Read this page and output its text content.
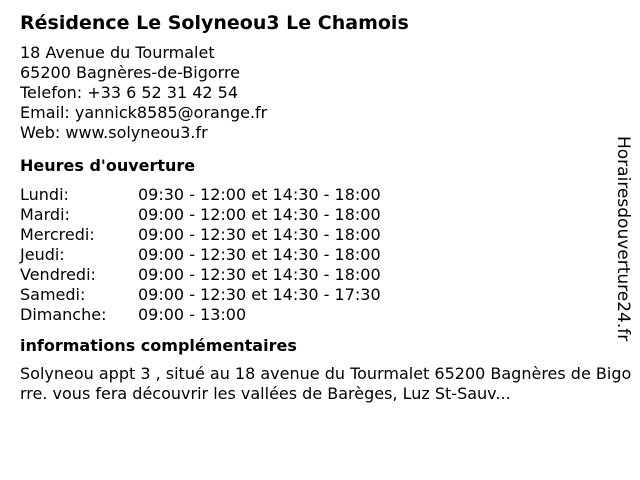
Résidence Le Solyneou3 Le Chamois
18 Avenue du Tourmalet
65200 Bagnères-de-Bigorre
Telefon: +33 6 52 31 42 54
Email: yannick8585@orange.fr
Web: www.solyneou3.fr
Heures d'ouverture
Lundi:	09:30 - 12:00 et 14:30 - 18:00
Mardi:	09:00 - 12:00 et 14:30 - 18:00
Mercredi:	09:00 - 12:30 et 14:30 - 18:00
Jeudi:	09:00 - 12:30 et 14:30 - 18:00
Vendredi:	09:00 - 12:30 et 14:30 - 18:00
Samedi:	09:00 - 12:30 et 14:30 - 17:30
Dimanche:	09:00 - 13:00
informations complémentaires
Solyneou appt 3 , situé au 18 avenue du Tourmalet 65200 Bagnères de Bigorre. vous fera découvrir les vallées de Barèges, Luz St-Sauv...
Horairesdouverture24.fr
